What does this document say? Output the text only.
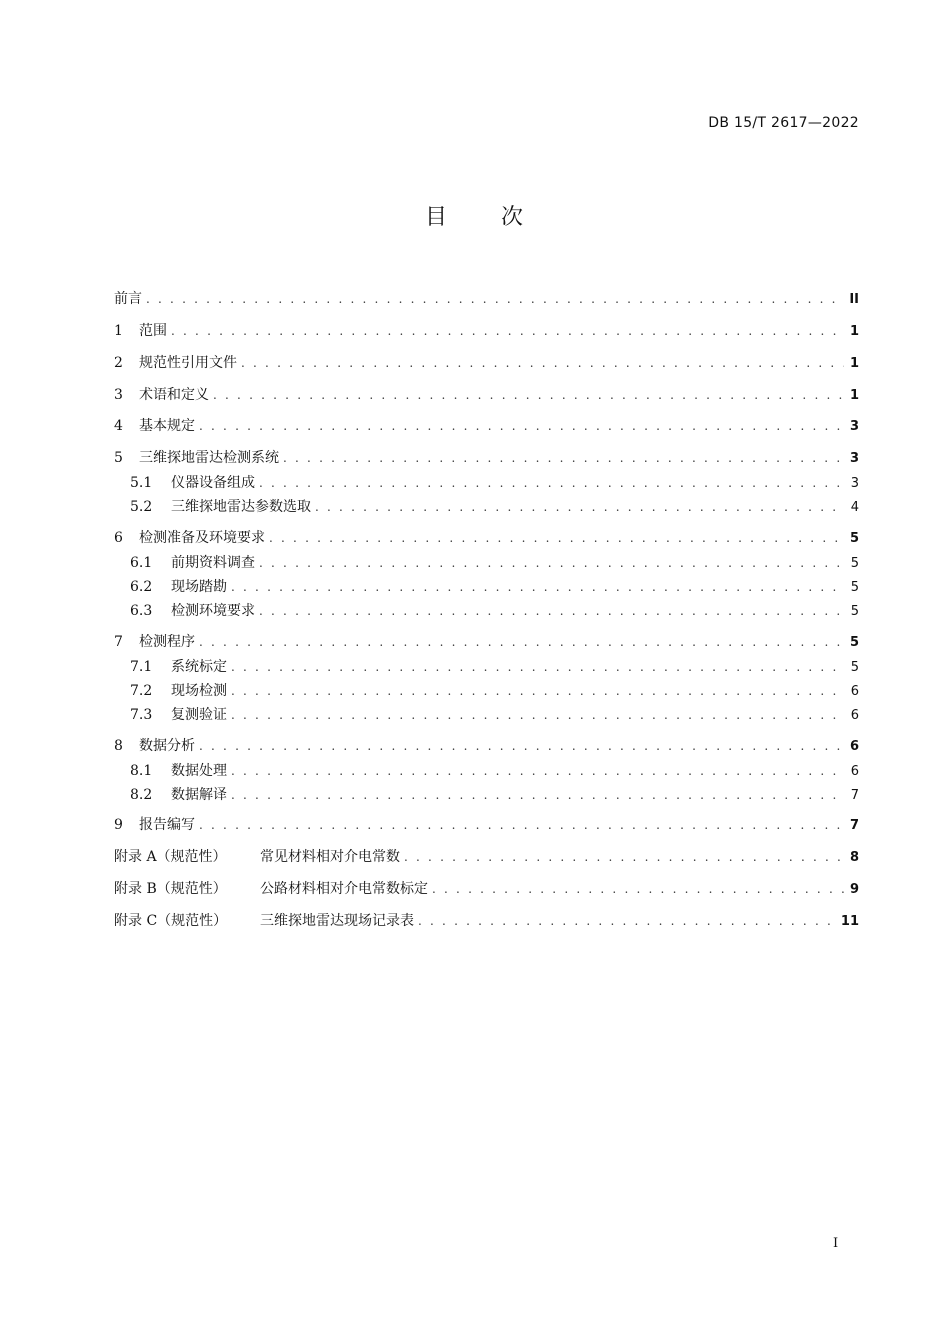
DB 15/T 2617—2022
目 次
前言 . . .	II
1	范围 . . .	1
2	规范性引用文件 . . .	1
3	术语和定义 . . .	1
4	基本规定 . . .	3
5	三维探地雷达检测系统 . . .	3
5.1	仪器设备组成 . . .	3
5.2	三维探地雷达参数选取 . . .	4
6	检测准备及环境要求 . . .	5
6.1	前期资料调查 . . .	5
6.2	现场踏勘 . . .	5
6.3	检测环境要求 . . .	5
7	检测程序 . . .	5
7.1	系统标定 . . .	5
7.2	现场检测 . . .	6
7.3	复测验证 . . .	6
8	数据分析 . . .	6
8.1	数据处理 . . .	6
8.2	数据解译 . . .	7
9	报告编写 . . .	7
附录 A（规范性）	常见材料相对介电常数 . . .	8
附录 B（规范性）	公路材料相对介电常数标定 . . .	9
附录 C（规范性）	三维探地雷达现场记录表 . . .	11
I
